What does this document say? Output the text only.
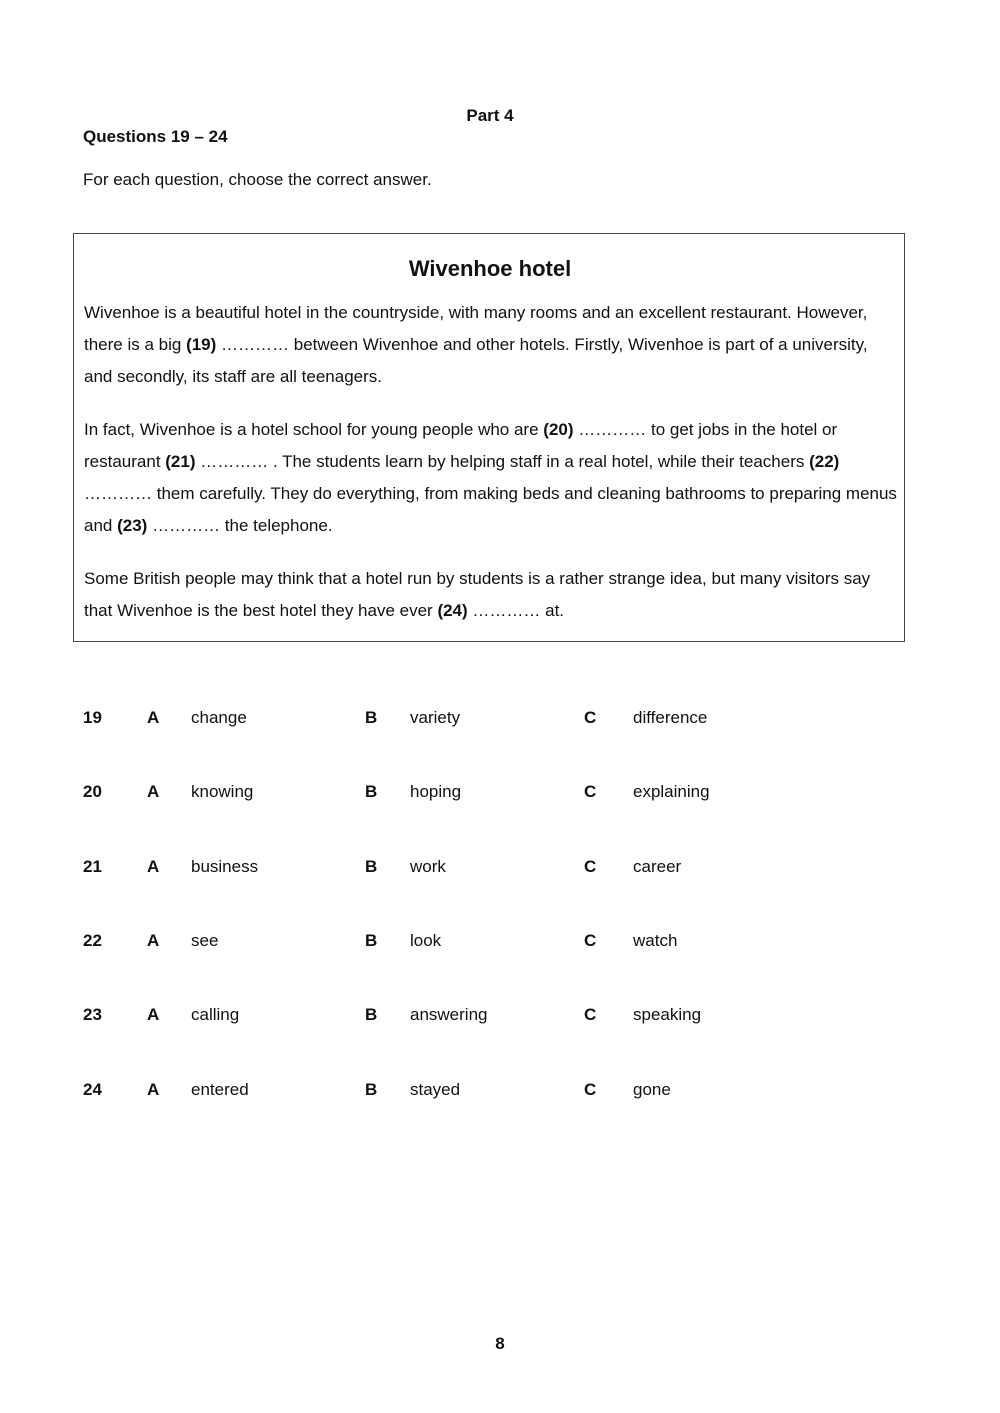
Part 4
Questions 19 – 24
For each question, choose the correct answer.
Wivenhoe hotel
Wivenhoe is a beautiful hotel in the countryside, with many rooms and an excellent restaurant. However, there is a big (19) ………… between Wivenhoe and other hotels. Firstly, Wivenhoe is part of a university, and secondly, its staff are all teenagers.
In fact, Wivenhoe is a hotel school for young people who are (20) ………… to get jobs in the hotel or restaurant (21) ………… . The students learn by helping staff in a real hotel, while their teachers (22) ………… them carefully. They do everything, from making beds and cleaning bathrooms to preparing menus and (23) ………… the telephone.
Some British people may think that a hotel run by students is a rather strange idea, but many visitors say that Wivenhoe is the best hotel they have ever (24) ………… at.
19	A change	B variety	C difference
20	A knowing	B hoping	C explaining
21	A business	B work	C career
22	A see	B look	C watch
23	A calling	B answering	C speaking
24	A entered	B stayed	C gone
8
